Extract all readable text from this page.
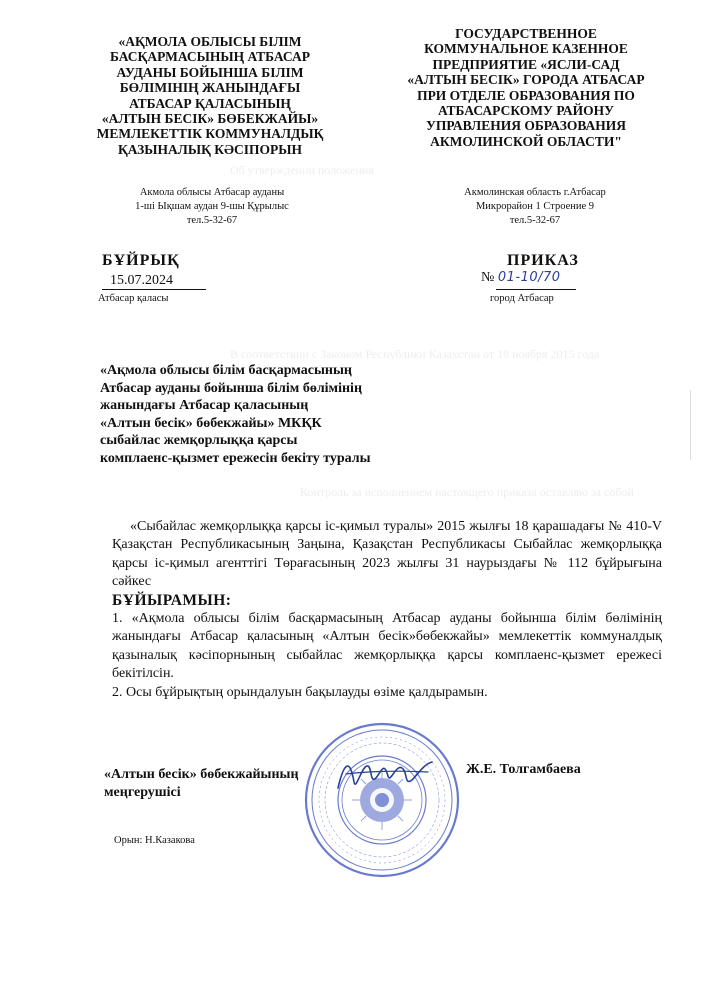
Об утверждении положения
В соответствии с Законом Республики Казахстан от 18 ноября 2015 года
Контроль за исполнением настоящего приказа оставляю за собой
«АҚМОЛА ОБЛЫСЫ БІЛІМ
БАСҚАРМАСЫНЫҢ АТБАСАР
АУДАНЫ БОЙЫНША БІЛІМ
БӨЛІМІНІҢ ЖАНЫНДАҒЫ
АТБАСАР ҚАЛАСЫНЫҢ
«АЛТЫН БЕСІК» БӨБЕКЖАЙЫ»
МЕМЛЕКЕТТІК КОММУНАЛДЫҚ
ҚАЗЫНАЛЫҚ КӘСІПОРЫН
ГОСУДАРСТВЕННОЕ
КОММУНАЛЬНОЕ КАЗЕННОЕ
ПРЕДПРИЯТИЕ «ЯСЛИ-САД
«АЛТЫН БЕСІК» ГОРОДА АТБАСАР
ПРИ ОТДЕЛЕ ОБРАЗОВАНИЯ ПО
АТБАСАРСКОМУ РАЙОНУ
УПРАВЛЕНИЯ ОБРАЗОВАНИЯ
АКМОЛИНСКОЙ ОБЛАСТИ"
Акмола облысы Атбасар ауданы
1-ші Ықшам аудан 9-шы Құрылыс
тел.5-32-67
Акмолинская область г.Атбасар
Микрорайон 1 Строение 9
тел.5-32-67
БҰЙРЫҚ
15.07.2024
Атбасар қаласы
ПРИКАЗ
№ 01-10/70
город Атбасар
«Ақмола облысы білім басқармасының
Атбасар ауданы бойынша білім бөлімінің
жанындағы Атбасар қаласының
«Алтын бесік» бөбекжайы» МКҚК
сыбайлас жемқорлыққа қарсы
комплаенс-қызмет ережесін бекіту туралы

«Сыбайлас жемқорлыққа қарсы іс-қимыл туралы» 2015 жылғы 18 қарашадағы № 410-V Қазақстан Республикасының Заңына, Қазақстан Республикасы Сыбайлас жемқорлыққа қарсы іс-қимыл агенттігі Төрағасының 2023 жылғы 31 наурыздағы № 112 бұйрығына сәйкес

БҰЙЫРАМЫН:

1. «Ақмола облысы білім басқармасының Атбасар ауданы бойынша білім бөлімінің жанындағы Атбасар қаласының «Алтын бесік»бөбекжайы» мемлекеттік коммуналдық қазыналық кәсіпорнының сыбайлас жемқорлыққа қарсы комплаенс-қызмет ережесі бекітілсін.

2. Осы бұйрықтың орындалуын бақылауды өзіме қалдырамын.

«Алтын бесік» бөбекжайының
меңгерушісі
Ж.Е. Толгамбаева
Орын: Н.Казакова
